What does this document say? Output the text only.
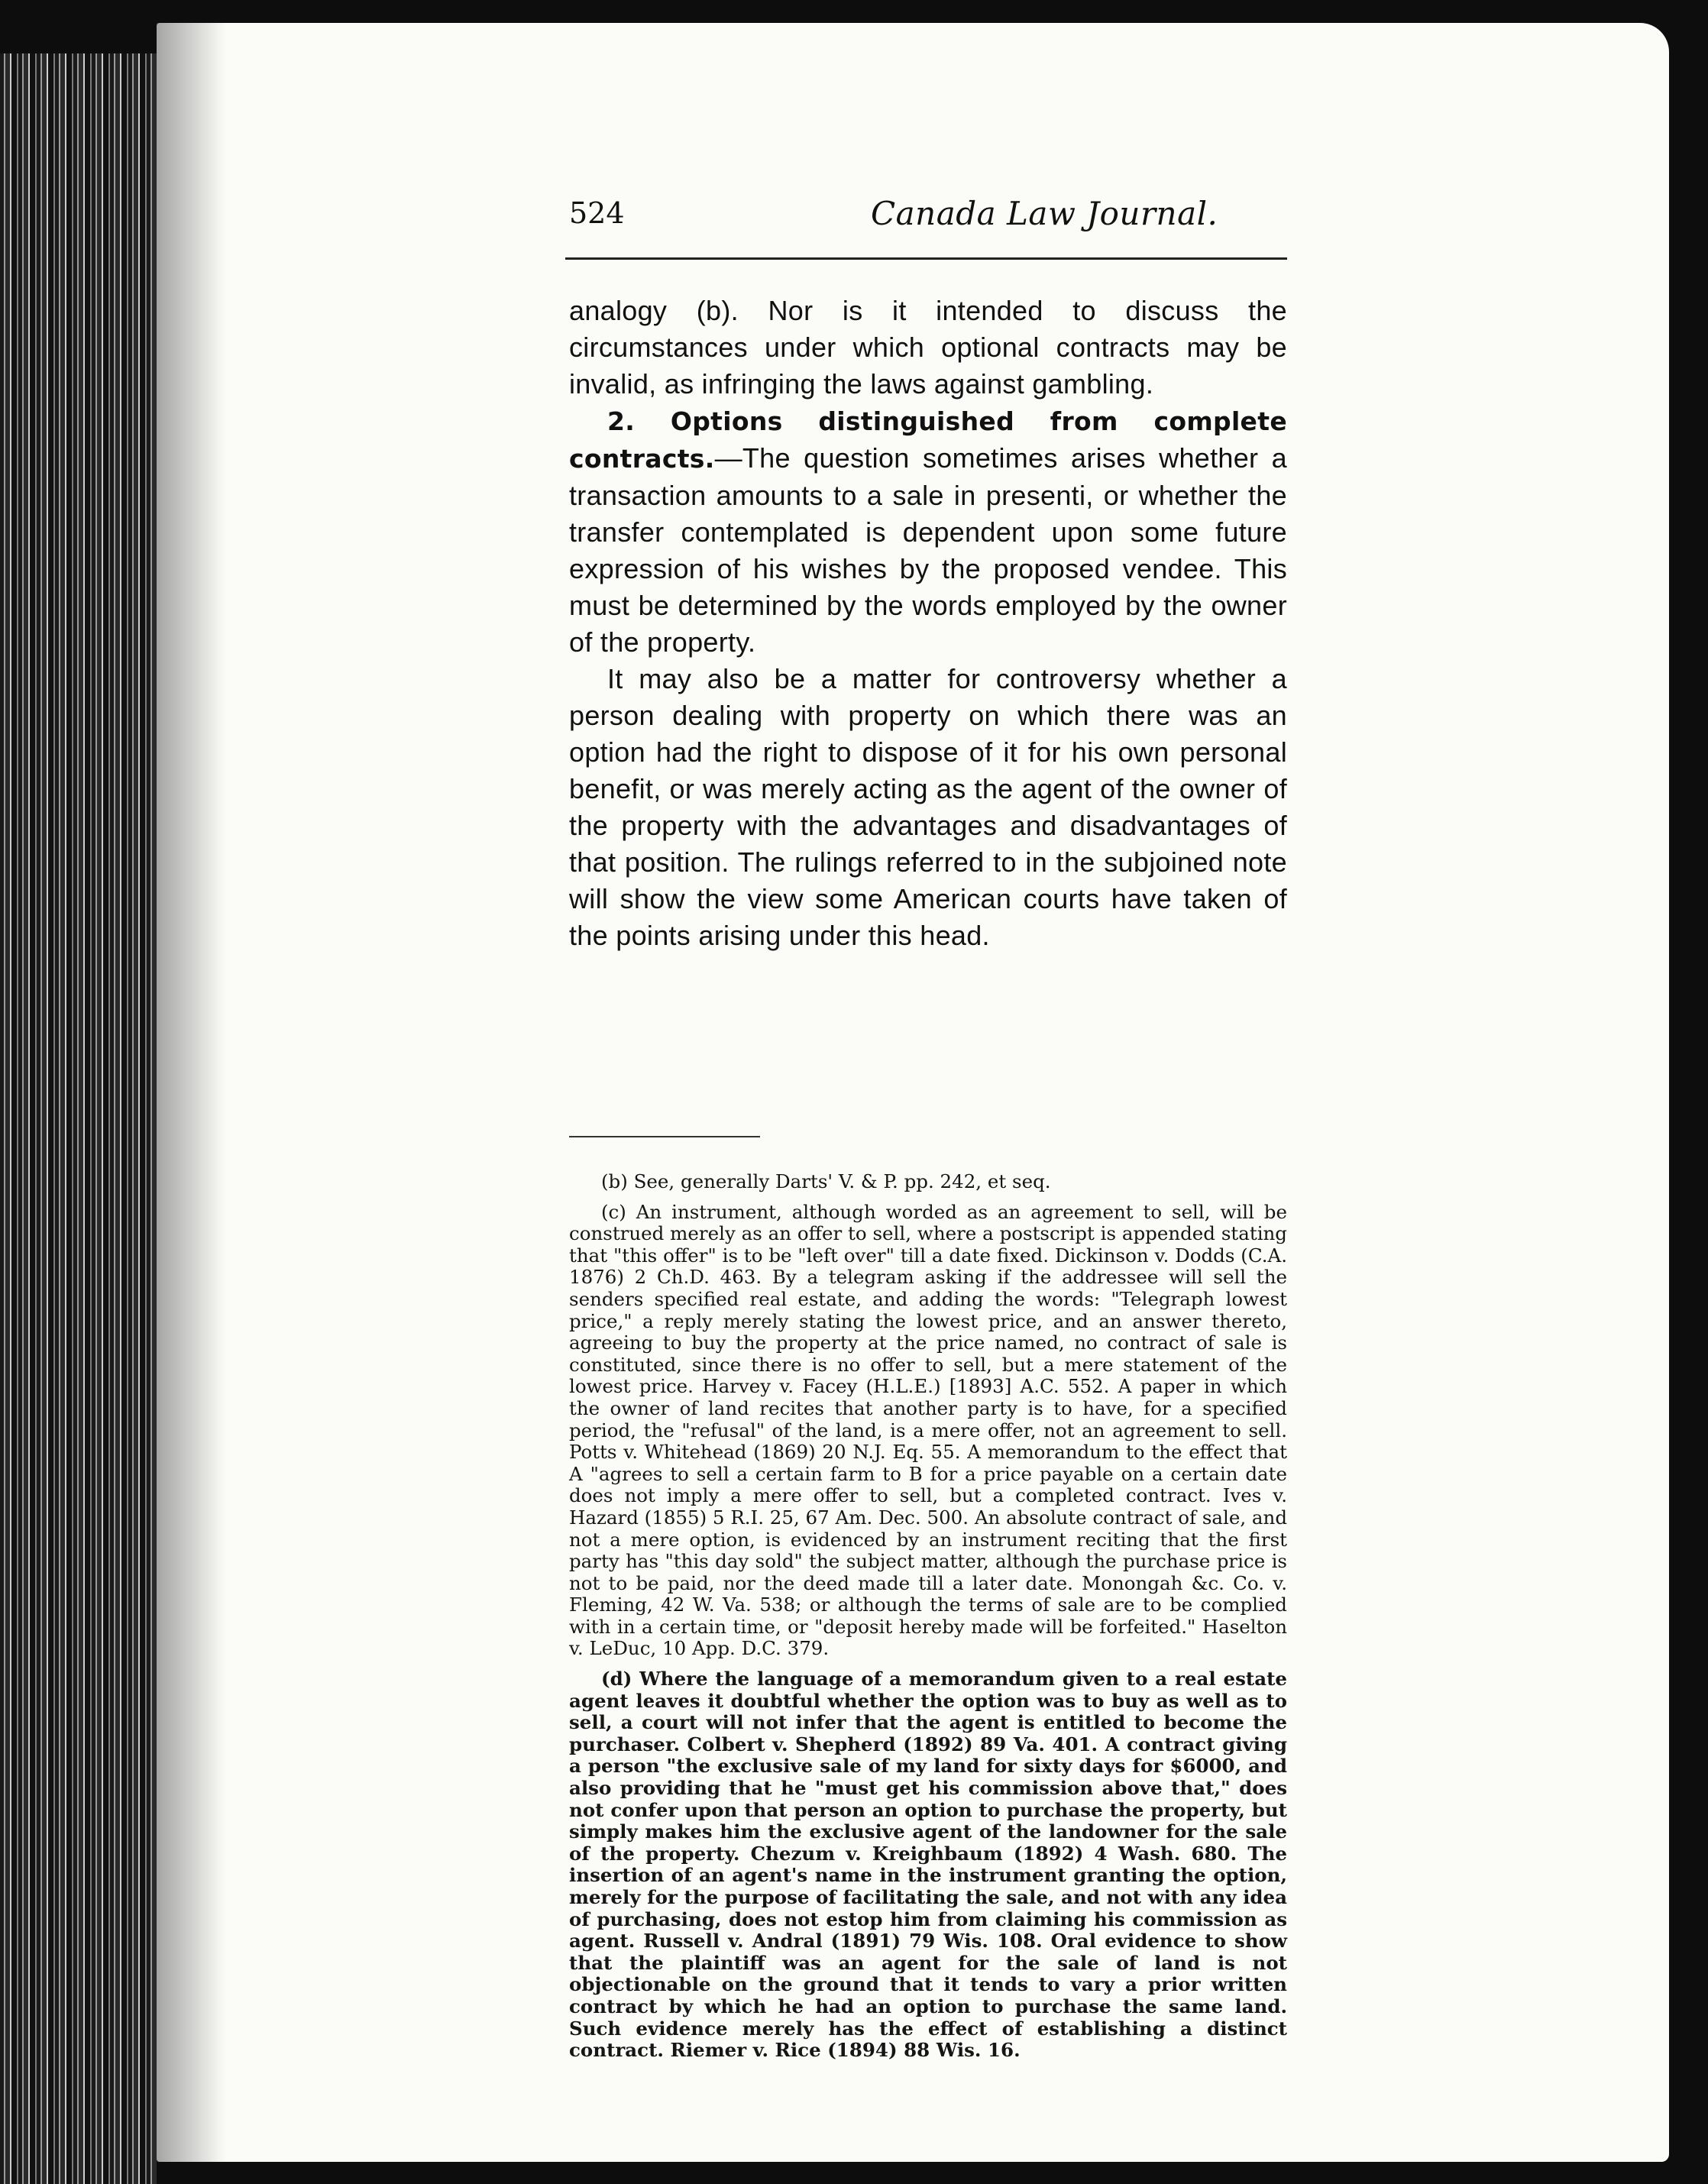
524	Canada Law Journal.

analogy (b). Nor is it intended to discuss the circumstances under which optional contracts may be invalid, as infringing the laws against gambling.

2. Options distinguished from complete contracts.—The question sometimes arises whether a transaction amounts to a sale in presenti, or whether the transfer contemplated is dependent upon some future expression of his wishes by the proposed vendee. This must be determined by the words employed by the owner of the property.

It may also be a matter for controversy whether a person dealing with property on which there was an option had the right to dispose of it for his own personal benefit, or was merely acting as the agent of the owner of the property with the advantages and disadvantages of that position. The rulings referred to in the subjoined note will show the view some American courts have taken of the points arising under this head.

(b) See, generally Darts' V. & P. pp. 242, et seq.

(c) An instrument, although worded as an agreement to sell, will be construed merely as an offer to sell, where a postscript is appended stating that "this offer" is to be "left over" till a date fixed. Dickinson v. Dodds (C.A. 1876) 2 Ch.D. 463. By a telegram asking if the addressee will sell the senders specified real estate, and adding the words: "Telegraph lowest price," a reply merely stating the lowest price, and an answer thereto, agreeing to buy the property at the price named, no contract of sale is constituted, since there is no offer to sell, but a mere statement of the lowest price. Harvey v. Facey (H.L.E.) [1893] A.C. 552. A paper in which the owner of land recites that another party is to have, for a specified period, the "refusal" of the land, is a mere offer, not an agreement to sell. Potts v. Whitehead (1869) 20 N.J. Eq. 55. A memorandum to the effect that A "agrees to sell a certain farm to B for a price payable on a certain date does not imply a mere offer to sell, but a completed contract. Ives v. Hazard (1855) 5 R.I. 25, 67 Am. Dec. 500. An absolute contract of sale, and not a mere option, is evidenced by an instrument reciting that the first party has "this day sold" the subject matter, although the purchase price is not to be paid, nor the deed made till a later date. Monongah &c. Co. v. Fleming, 42 W. Va. 538; or although the terms of sale are to be complied with in a certain time, or "deposit hereby made will be forfeited." Haselton v. LeDuc, 10 App. D.C. 379.

(d) Where the language of a memorandum given to a real estate agent leaves it doubtful whether the option was to buy as well as to sell, a court will not infer that the agent is entitled to become the purchaser. Colbert v. Shepherd (1892) 89 Va. 401. A contract giving a person "the exclusive sale of my land for sixty days for $6000, and also providing that he "must get his commission above that," does not confer upon that person an option to purchase the property, but simply makes him the exclusive agent of the landowner for the sale of the property. Chezum v. Kreighbaum (1892) 4 Wash. 680. The insertion of an agent's name in the instrument granting the option, merely for the purpose of facilitating the sale, and not with any idea of purchasing, does not estop him from claiming his commission as agent. Russell v. Andral (1891) 79 Wis. 108. Oral evidence to show that the plaintiff was an agent for the sale of land is not objectionable on the ground that it tends to vary a prior written contract by which he had an option to purchase the same land. Such evidence merely has the effect of establishing a distinct contract. Riemer v. Rice (1894) 88 Wis. 16.
